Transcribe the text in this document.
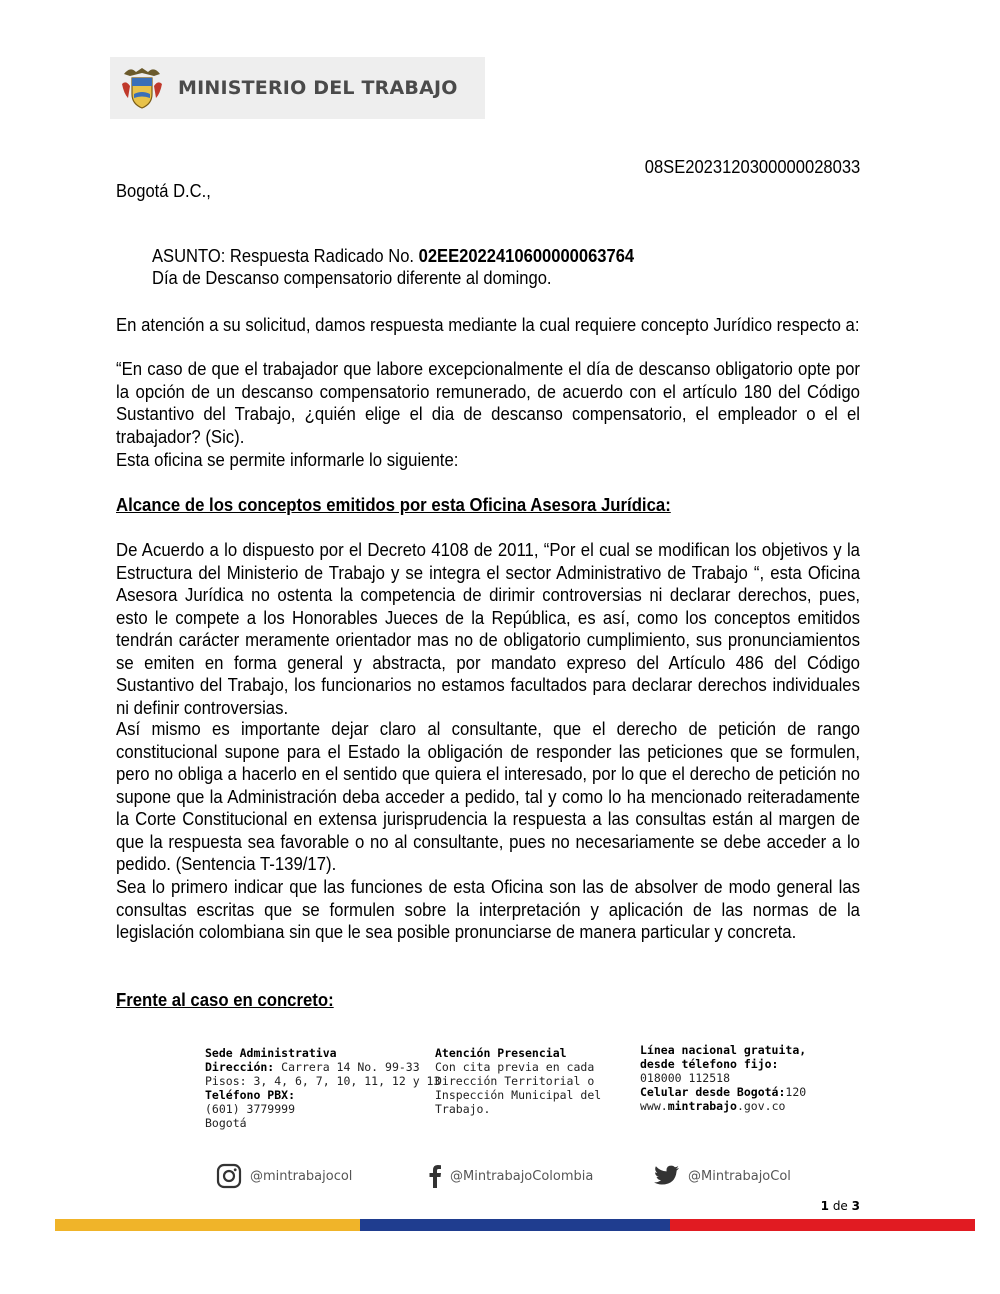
MINISTERIO DEL TRABAJO
08SE2023120300000028033
Bogotá D.C.,
ASUNTO: Respuesta Radicado No. 02EE2022410600000063764
Día de Descanso compensatorio diferente al domingo.
En atención a su solicitud, damos respuesta mediante la cual requiere concepto Jurídico respecto a:
“En caso de que el trabajador que labore excepcionalmente el día de descanso obligatorio opte por la opción de un descanso compensatorio remunerado, de acuerdo con el artículo 180 del Código Sustantivo del Trabajo, ¿quién elige el dia de descanso compensatorio, el empleador o el el trabajador? (Sic).
Esta oficina se permite informarle lo siguiente:
Alcance de los conceptos emitidos por esta Oficina Asesora Jurídica:
De Acuerdo a lo dispuesto por el Decreto 4108 de 2011, “Por el cual se modifican los objetivos y la Estructura del Ministerio de Trabajo y se integra el sector Administrativo de Trabajo “, esta Oficina Asesora Jurídica no ostenta la competencia de dirimir controversias ni declarar derechos, pues, esto le compete a los Honorables Jueces de la República, es así, como los conceptos emitidos tendrán carácter meramente orientador mas no de obligatorio cumplimiento, sus pronunciamientos se emiten en forma general y abstracta, por mandato expreso del Artículo 486 del Código Sustantivo del Trabajo, los funcionarios no estamos facultados para declarar derechos individuales ni definir controversias.
Así mismo es importante dejar claro al consultante, que el derecho de petición de rango constitucional supone para el Estado la obligación de responder las peticiones que se formulen, pero no obliga a hacerlo en el sentido que quiera el interesado, por lo que el derecho de petición no supone que la Administración deba acceder a pedido, tal y como lo ha mencionado reiteradamente la Corte Constitucional en extensa jurisprudencia la respuesta a las consultas están al margen de que la respuesta sea favorable o no al consultante, pues no necesariamente se debe acceder a lo pedido. (Sentencia T-139/17).
Sea lo primero indicar que las funciones de esta Oficina son las de absolver de modo general las consultas escritas que se formulen sobre la interpretación y aplicación de las normas de la legislación colombiana sin que le sea posible pronunciarse de manera particular y concreta.
Frente al caso en concreto:
Sede Administrativa
Dirección: Carrera 14 No. 99-33
Pisos: 3, 4, 6, 7, 10, 11, 12 y 13
Teléfono PBX:
(601) 3779999
Bogotá
Atención Presencial
Con cita previa en cada
Dirección Territorial o
Inspección Municipal del
Trabajo.
Línea nacional gratuita,
desde télefono fijo:
018000 112518
Celular desde Bogotá:120
www.mintrabajo.gov.co
@mintrabajocol	@MintrabajoColombia	@MintrabajoCol
1 de 3
